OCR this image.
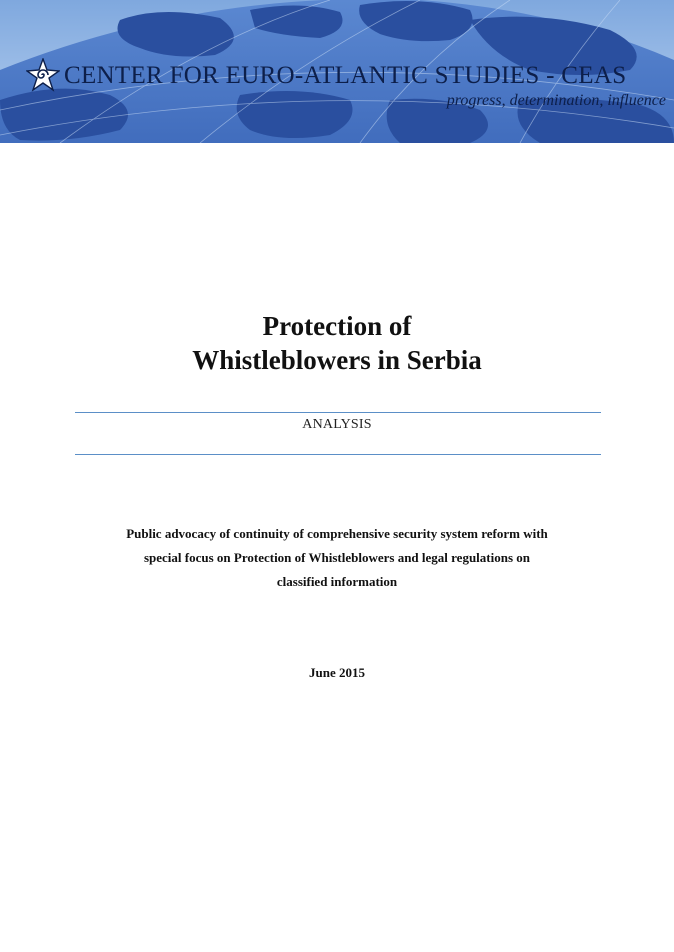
CENTER FOR EURO-ATLANTIC STUDIES - CEAS
progress, determination, influence
Protection of
Whistleblowers in Serbia
ANALYSIS
Public advocacy of continuity of comprehensive security system reform with
special focus on Protection of Whistleblowers and legal regulations on
classified information
June 2015
